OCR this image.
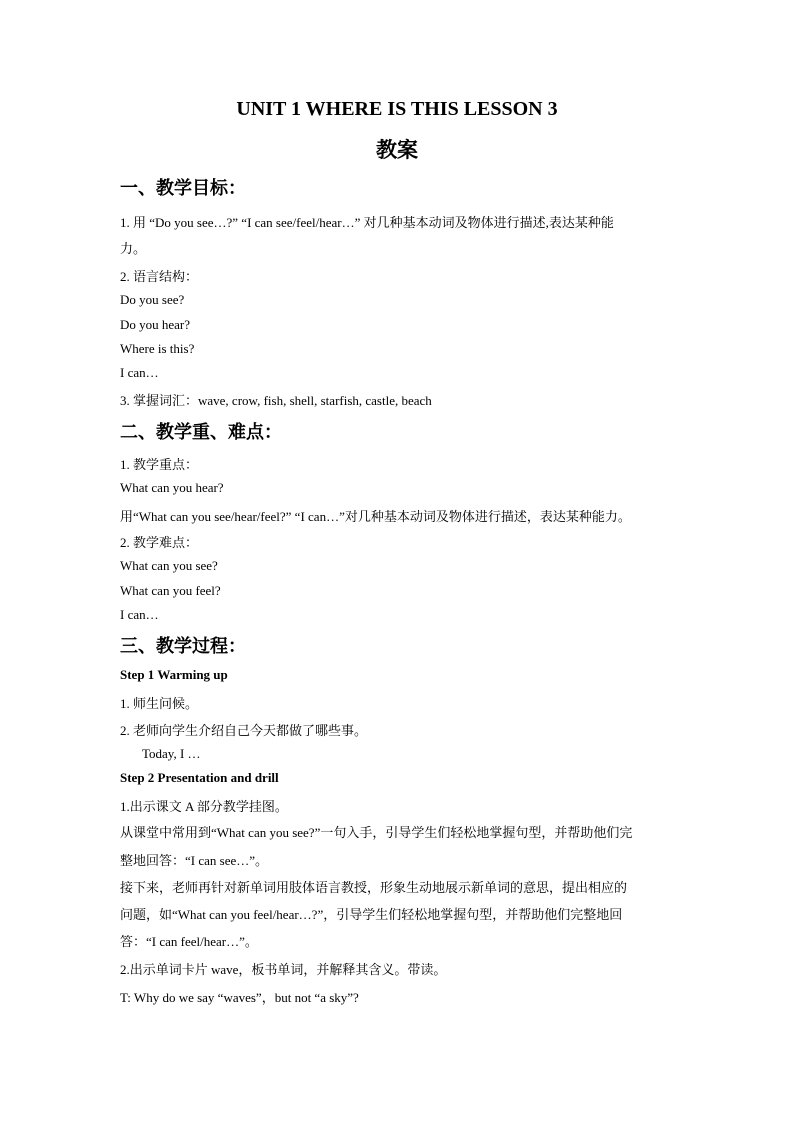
UNIT 1 WHERE IS THIS LESSON 3
教案
一、教学目标：
1. 用 “Do you see…?” “I can see/feel/hear…” 对几种基本动词及物体进行描述,表达某种能
力。
2. 语言结构：
Do you see?
Do you hear?
Where is this?
I can…
3. 掌握词汇：wave, crow, fish, shell, starfish, castle, beach
二、教学重、难点：
1. 教学重点：
What can you hear?
用“What can you see/hear/feel?” “I can…”对几种基本动词及物体进行描述，表达某种能力。
2. 教学难点：
What can you see?
What can you feel?
I can…
三、教学过程：
Step 1 Warming up
1. 师生问候。
2. 老师向学生介绍自己今天都做了哪些事。
Today, I …
Step 2 Presentation and drill
1.出示课文 A 部分教学挂图。
从课堂中常用到“What can you see?”一句入手，引导学生们轻松地掌握句型，并帮助他们完
整地回答：“I can see…”。
接下来，老师再针对新单词用肢体语言教授，形象生动地展示新单词的意思，提出相应的
问题，如“What can you feel/hear…?”，引导学生们轻松地掌握句型，并帮助他们完整地回
答：“I can feel/hear…”。
2.出示单词卡片 wave，板书单词，并解释其含义。带读。
T: Why do we say “waves”，but not “a sky”?
